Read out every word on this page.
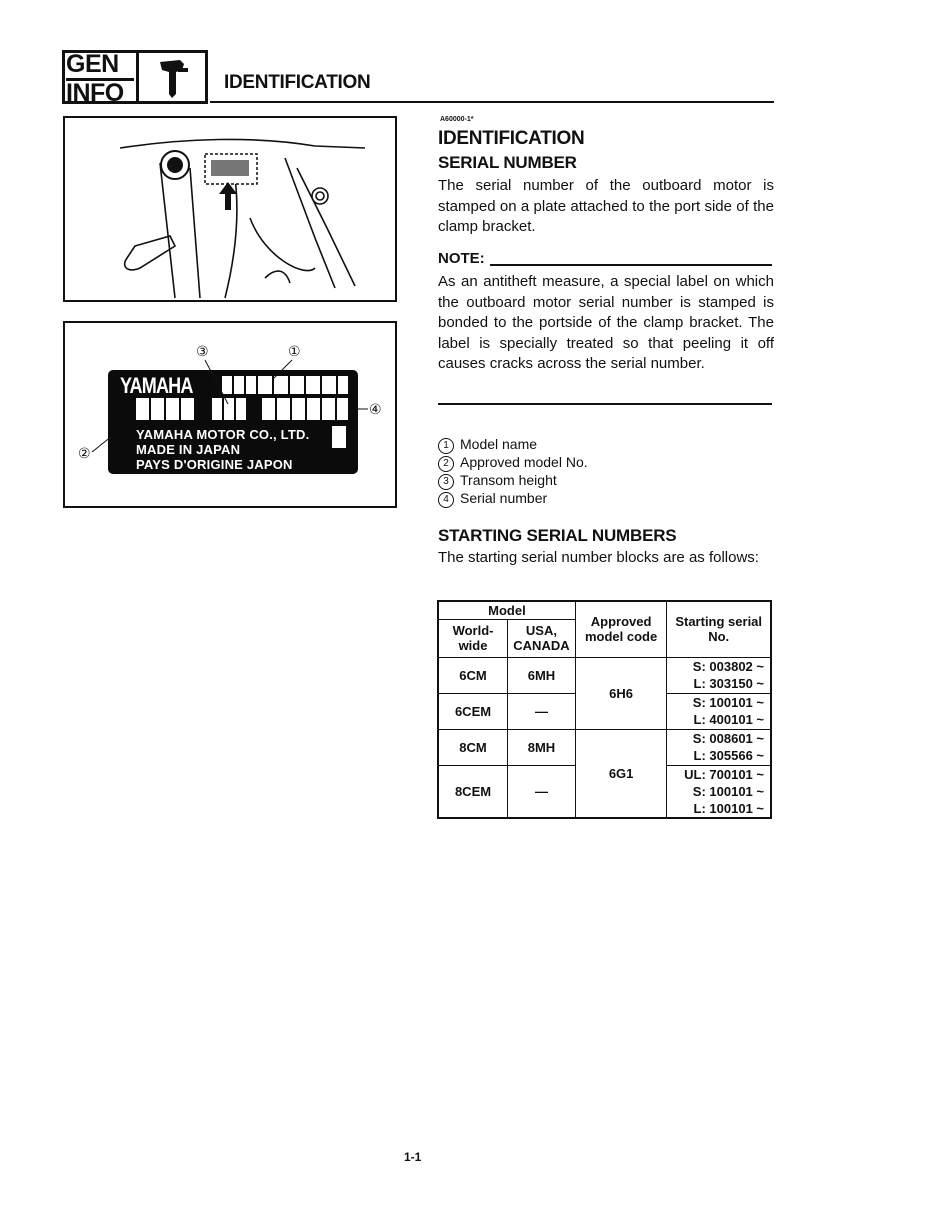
GEN
INFO	IDENTIFICATION
YAMAHA
YAMAHA MOTOR CO., LTD.
MADE IN JAPAN
PAYS D'ORIGINE JAPON
③	①
④
②
A60000-1*
IDENTIFICATION
SERIAL NUMBER
The serial number of the outboard motor is stamped on a plate attached to the port side of the clamp bracket.
NOTE:
As an antitheft measure, a special label on which the outboard motor serial number is stamped is bonded to the portside of the clamp bracket. The label is specially treated so that peeling it off causes cracks across the serial number.
1 Model name
2 Approved model No.
3 Transom height
4 Serial number
STARTING SERIAL NUMBERS
The starting serial number blocks are as follows:
Model		Approved model code	Starting serial No.
World-wide	USA, CANADA		
6CM	6MH	6H6	S: 003802 ~
L: 303150 ~

6CEM	—		S: 100101 ~
L: 400101 ~

8CM	8MH	6G1	S: 008601 ~
L: 305566 ~

8CEM	—		UL: 700101 ~
S: 100101 ~
L: 100101 ~
1-1
